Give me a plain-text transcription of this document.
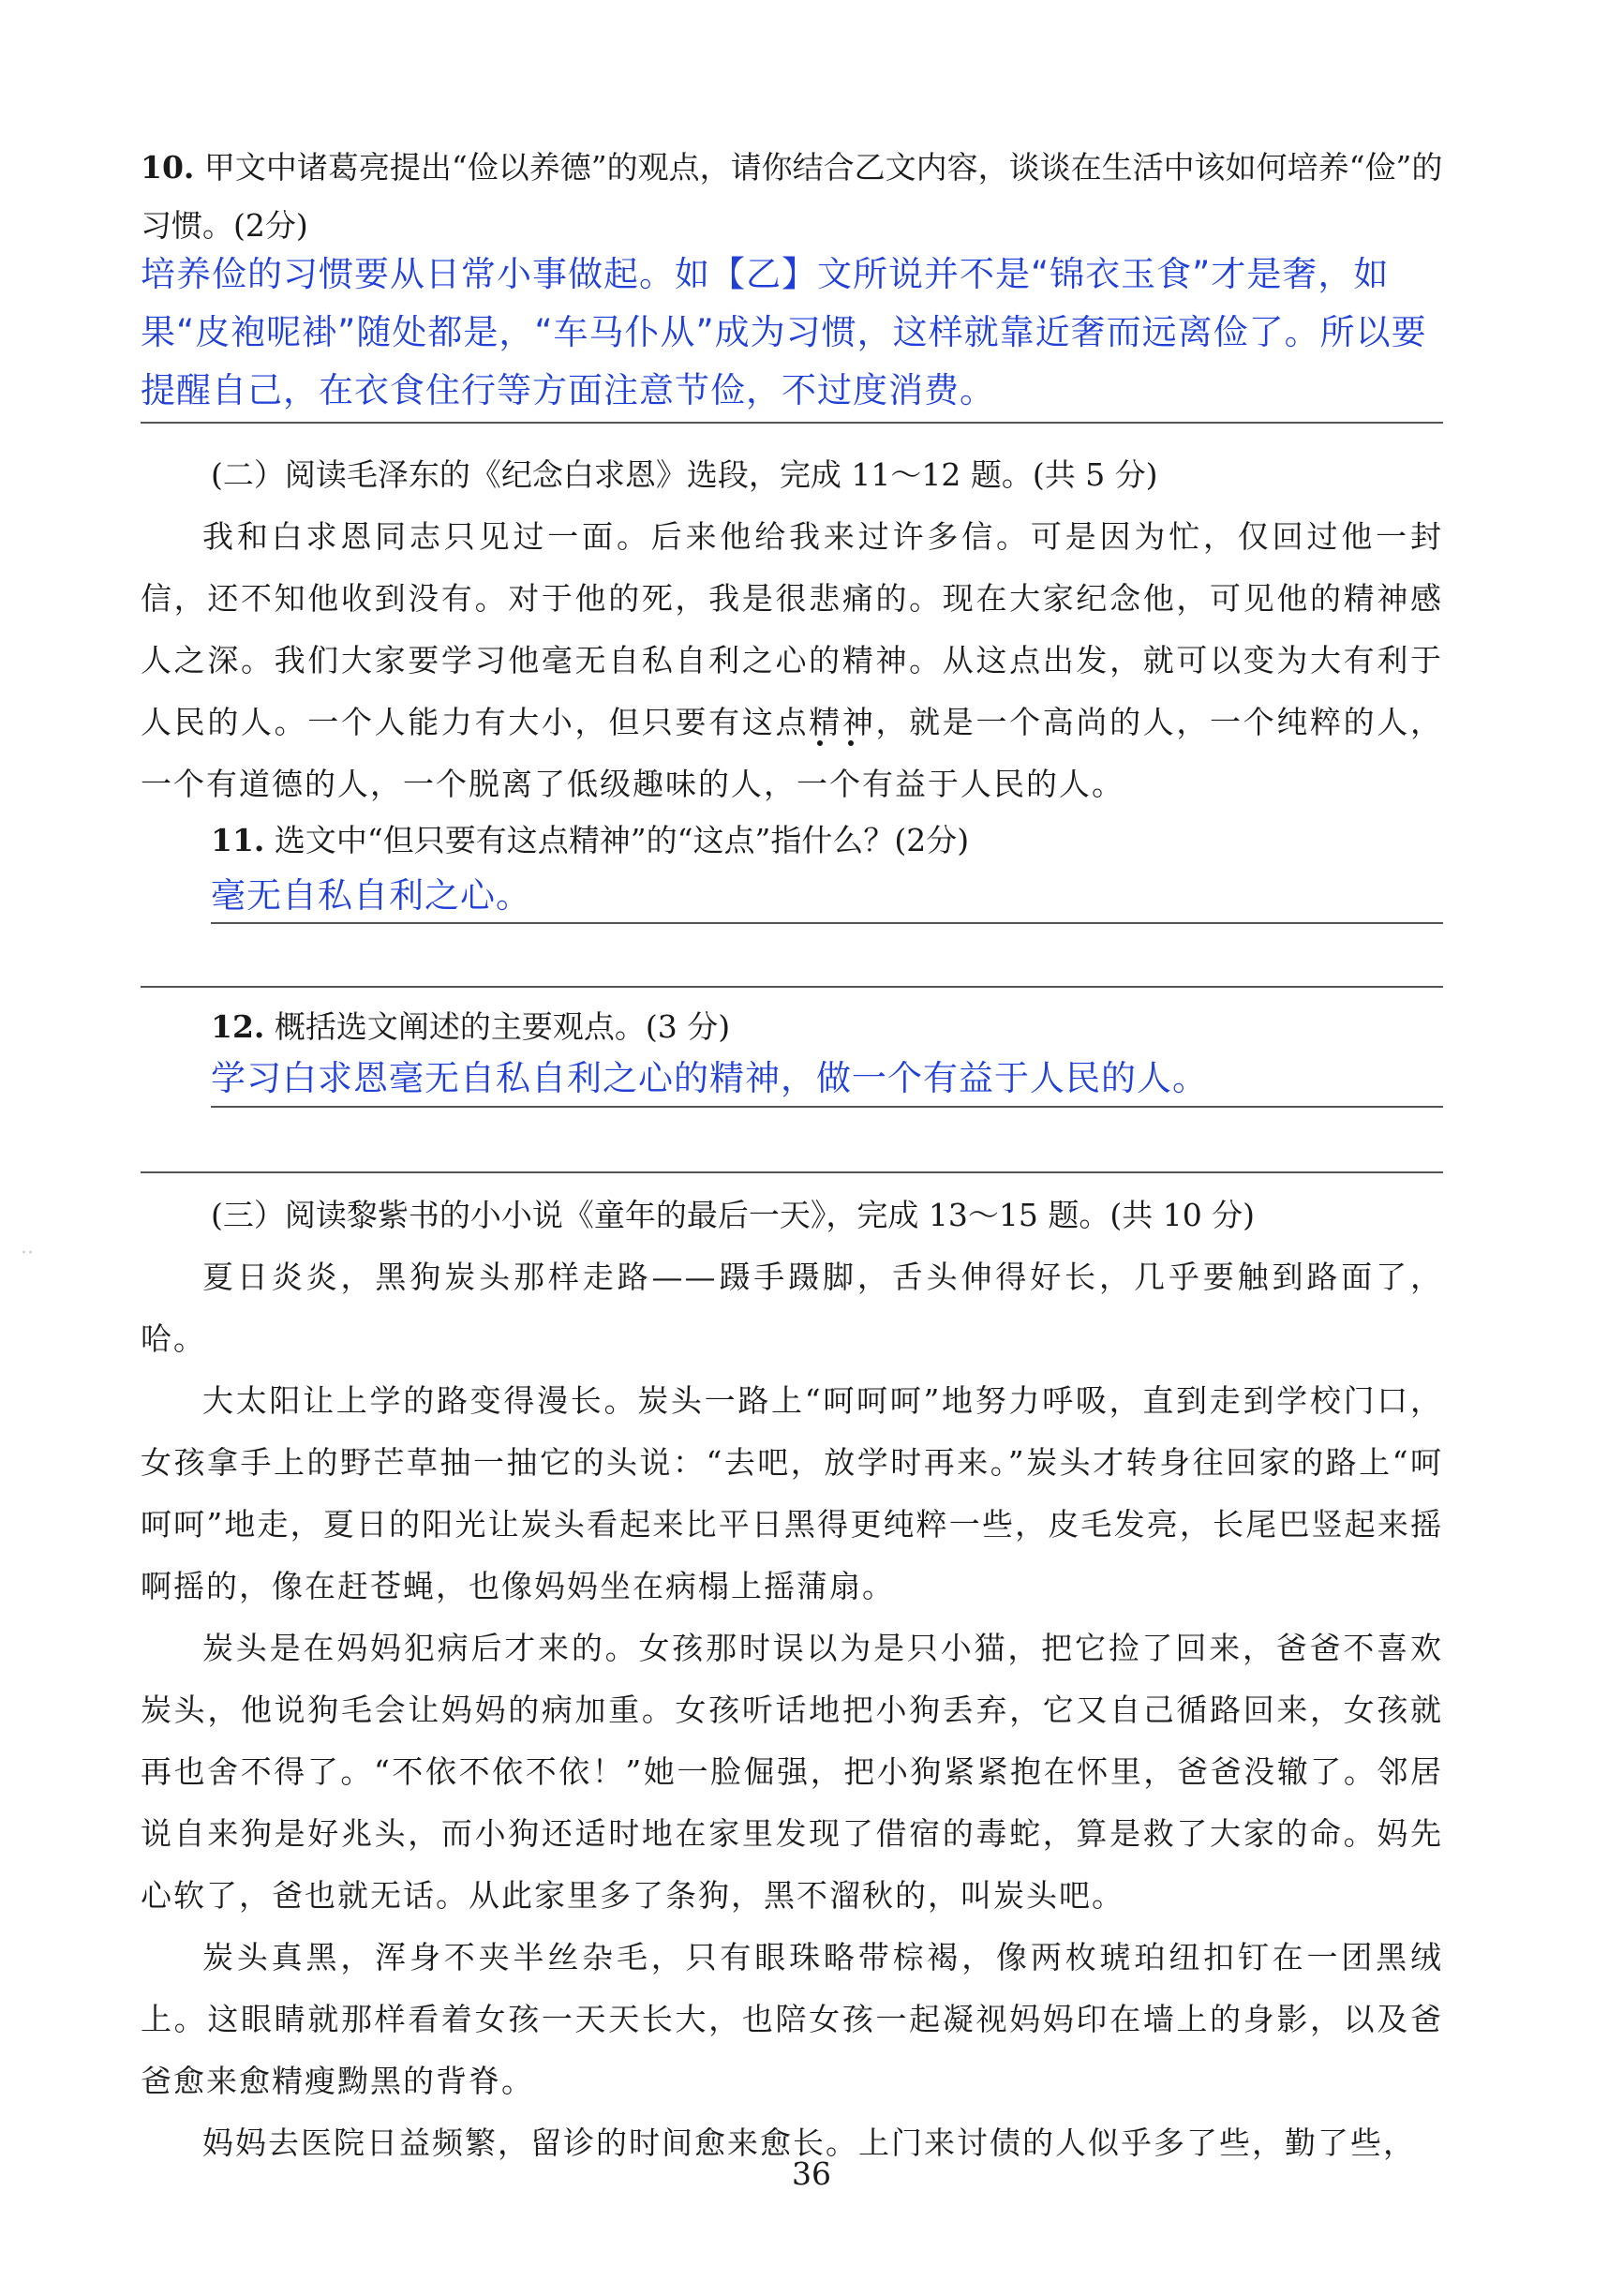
10. 甲文中诸葛亮提出“俭以养德”的观点，请你结合乙文内容，谈谈在生活中该如何培养“俭”的习惯。(2分)
培养俭的习惯要从日常小事做起。如【乙】文所说并不是“锦衣玉食”才是奢，如果“皮袍呢褂”随处都是，“车马仆从”成为习惯，这样就靠近奢而远离俭了。所以要提醒自己，在衣食住行等方面注意节俭，不过度消费。
(二）阅读毛泽东的《纪念白求恩》选段，完成 11～12 题。(共 5 分)

我和白求恩同志只见过一面。后来他给我来过许多信。可是因为忙，仅回过他一封信，还不知他收到没有。对于他的死，我是很悲痛的。现在大家纪念他，可见他的精神感人之深。我们大家要学习他毫无自私自利之心的精神。从这点出发，就可以变为大有利于人民的人。一个人能力有大小，但只要有这点精神，就是一个高尚的人，一个纯粹的人，一个有道德的人，一个脱离了低级趣味的人，一个有益于人民的人。

11. 选文中“但只要有这点精神”的“这点”指什么？(2分)
毫无自私自利之心。
12. 概括选文阐述的主要观点。(3 分)
学习白求恩毫无自私自利之心的精神，做一个有益于人民的人。
(三）阅读黎紫书的小小说《童年的最后一天》，完成 13～15 题。(共 10 分)

夏日炎炎，黑狗炭头那样走路——蹑手蹑脚，舌头伸得好长，几乎要触到路面了，哈。

大太阳让上学的路变得漫长。炭头一路上“呵呵呵”地努力呼吸，直到走到学校门口，女孩拿手上的野芒草抽一抽它的头说：“去吧，放学时再来。”炭头才转身往回家的路上“呵呵呵”地走，夏日的阳光让炭头看起来比平日黑得更纯粹一些，皮毛发亮，长尾巴竖起来摇啊摇的，像在赶苍蝇，也像妈妈坐在病榻上摇蒲扇。

炭头是在妈妈犯病后才来的。女孩那时误以为是只小猫，把它捡了回来，爸爸不喜欢炭头，他说狗毛会让妈妈的病加重。女孩听话地把小狗丢弃，它又自己循路回来，女孩就再也舍不得了。“不依不依不依！”她一脸倔强，把小狗紧紧抱在怀里，爸爸没辙了。邻居说自来狗是好兆头，而小狗还适时地在家里发现了借宿的毒蛇，算是救了大家的命。妈先心软了，爸也就无话。从此家里多了条狗，黑不溜秋的，叫炭头吧。

炭头真黑，浑身不夹半丝杂毛，只有眼珠略带棕褐，像两枚琥珀纽扣钉在一团黑绒上。这眼睛就那样看着女孩一天天长大，也陪女孩一起凝视妈妈印在墙上的身影，以及爸爸愈来愈精瘦黝黑的背脊。

妈妈去医院日益频繁，留诊的时间愈来愈长。上门来讨债的人似乎多了些，勤了些，

··
36
